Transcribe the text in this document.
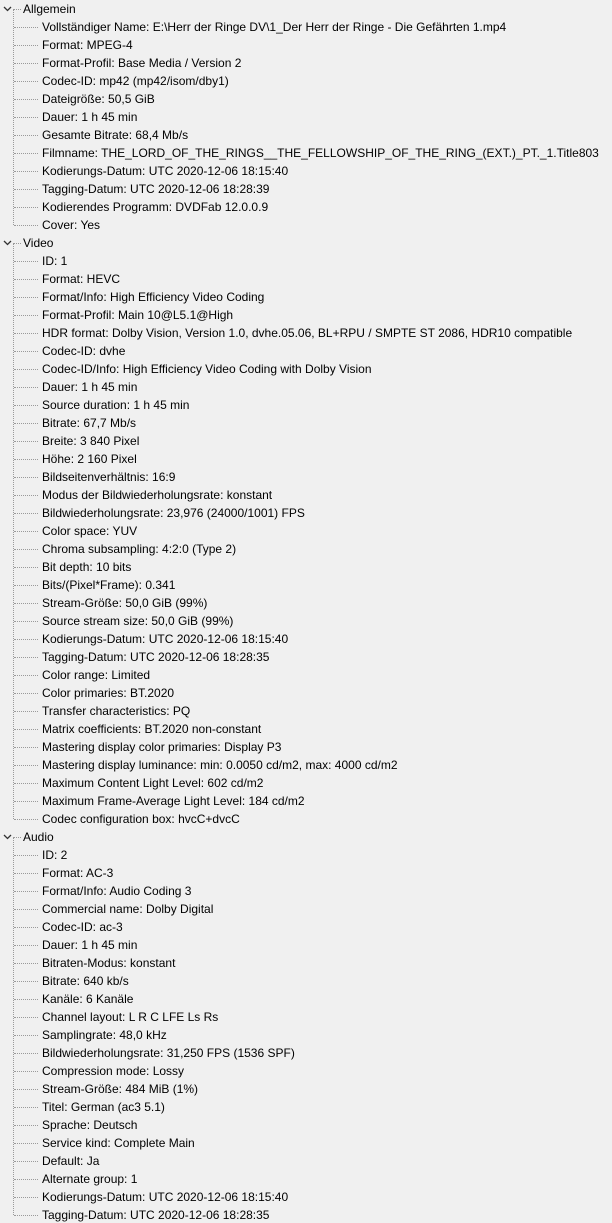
Allgemein
Vollständiger Name: E:\Herr der Ringe DV\1_Der Herr der Ringe - Die Gefährten 1.mp4
Format: MPEG-4
Format-Profil: Base Media / Version 2
Codec-ID: mp42 (mp42/isom/dby1)
Dateigröße: 50,5 GiB
Dauer: 1 h 45 min
Gesamte Bitrate: 68,4 Mb/s
Filmname: THE_LORD_OF_THE_RINGS__THE_FELLOWSHIP_OF_THE_RING_(EXT.)_PT._1.Title803
Kodierungs-Datum: UTC 2020-12-06 18:15:40
Tagging-Datum: UTC 2020-12-06 18:28:39
Kodierendes Programm: DVDFab 12.0.0.9
Cover: Yes
Video
ID: 1
Format: HEVC
Format/Info: High Efficiency Video Coding
Format-Profil: Main 10@L5.1@High
HDR format: Dolby Vision, Version 1.0, dvhe.05.06, BL+RPU / SMPTE ST 2086, HDR10 compatible
Codec-ID: dvhe
Codec-ID/Info: High Efficiency Video Coding with Dolby Vision
Dauer: 1 h 45 min
Source duration: 1 h 45 min
Bitrate: 67,7 Mb/s
Breite: 3 840 Pixel
Höhe: 2 160 Pixel
Bildseitenverhältnis: 16:9
Modus der Bildwiederholungsrate: konstant
Bildwiederholungsrate: 23,976 (24000/1001) FPS
Color space: YUV
Chroma subsampling: 4:2:0 (Type 2)
Bit depth: 10 bits
Bits/(Pixel*Frame): 0.341
Stream-Größe: 50,0 GiB (99%)
Source stream size: 50,0 GiB (99%)
Kodierungs-Datum: UTC 2020-12-06 18:15:40
Tagging-Datum: UTC 2020-12-06 18:28:35
Color range: Limited
Color primaries: BT.2020
Transfer characteristics: PQ
Matrix coefficients: BT.2020 non-constant
Mastering display color primaries: Display P3
Mastering display luminance: min: 0.0050 cd/m2, max: 4000 cd/m2
Maximum Content Light Level: 602 cd/m2
Maximum Frame-Average Light Level: 184 cd/m2
Codec configuration box: hvcC+dvcC
Audio
ID: 2
Format: AC-3
Format/Info: Audio Coding 3
Commercial name: Dolby Digital
Codec-ID: ac-3
Dauer: 1 h 45 min
Bitraten-Modus: konstant
Bitrate: 640 kb/s
Kanäle: 6 Kanäle
Channel layout: L R C LFE Ls Rs
Samplingrate: 48,0 kHz
Bildwiederholungsrate: 31,250 FPS (1536 SPF)
Compression mode: Lossy
Stream-Größe: 484 MiB (1%)
Titel: German (ac3 5.1)
Sprache: Deutsch
Service kind: Complete Main
Default: Ja
Alternate group: 1
Kodierungs-Datum: UTC 2020-12-06 18:15:40
Tagging-Datum: UTC 2020-12-06 18:28:35
